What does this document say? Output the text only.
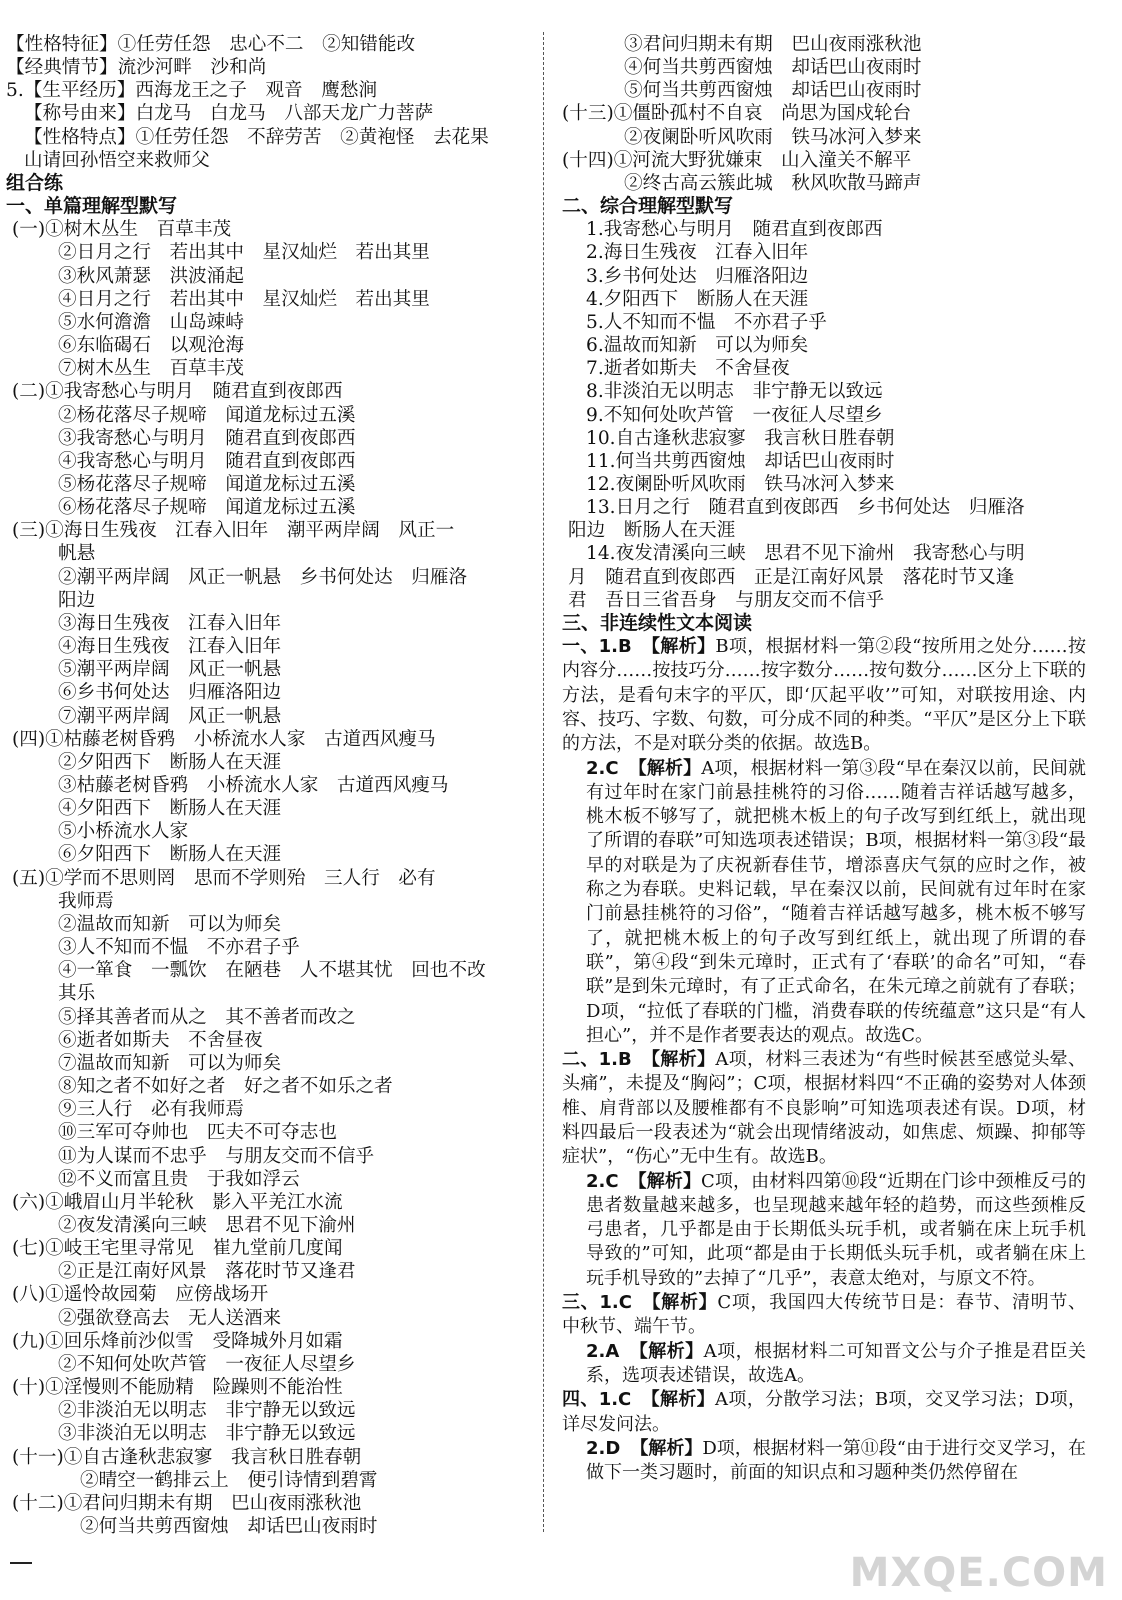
【性格特征】①任劳任怨　忠心不二　②知错能改
【经典情节】流沙河畔　沙和尚
5.【生平经历】西海龙王之子　观音　鹰愁涧
【称号由来】白龙马　白龙马　八部天龙广力菩萨
【性格特点】①任劳任怨　不辞劳苦　②黄袍怪　去花果
山请回孙悟空来救师父
组合练
一、单篇理解型默写
(一)①树木丛生　百草丰茂
②日月之行　若出其中　星汉灿烂　若出其里
③秋风萧瑟　洪波涌起
④日月之行　若出其中　星汉灿烂　若出其里
⑤水何澹澹　山岛竦峙
⑥东临碣石　以观沧海
⑦树木丛生　百草丰茂
(二)①我寄愁心与明月　随君直到夜郎西
②杨花落尽子规啼　闻道龙标过五溪
③我寄愁心与明月　随君直到夜郎西
④我寄愁心与明月　随君直到夜郎西
⑤杨花落尽子规啼　闻道龙标过五溪
⑥杨花落尽子规啼　闻道龙标过五溪
(三)①海日生残夜　江春入旧年　潮平两岸阔　风正一
帆悬
②潮平两岸阔　风正一帆悬　乡书何处达　归雁洛
阳边
③海日生残夜　江春入旧年
④海日生残夜　江春入旧年
⑤潮平两岸阔　风正一帆悬
⑥乡书何处达　归雁洛阳边
⑦潮平两岸阔　风正一帆悬
(四)①枯藤老树昏鸦　小桥流水人家　古道西风瘦马
②夕阳西下　断肠人在天涯
③枯藤老树昏鸦　小桥流水人家　古道西风瘦马
④夕阳西下　断肠人在天涯
⑤小桥流水人家
⑥夕阳西下　断肠人在天涯
(五)①学而不思则罔　思而不学则殆　三人行　必有
我师焉
②温故而知新　可以为师矣
③人不知而不愠　不亦君子乎
④一箪食　一瓢饮　在陋巷　人不堪其忧　回也不改
其乐
⑤择其善者而从之　其不善者而改之
⑥逝者如斯夫　不舍昼夜
⑦温故而知新　可以为师矣
⑧知之者不如好之者　好之者不如乐之者
⑨三人行　必有我师焉
⑩三军可夺帅也　匹夫不可夺志也
⑪为人谋而不忠乎　与朋友交而不信乎
⑫不义而富且贵　于我如浮云
(六)①峨眉山月半轮秋　影入平羌江水流
②夜发清溪向三峡　思君不见下渝州
(七)①岐王宅里寻常见　崔九堂前几度闻
②正是江南好风景　落花时节又逢君
(八)①遥怜故园菊　应傍战场开
②强欲登高去　无人送酒来
(九)①回乐烽前沙似雪　受降城外月如霜
②不知何处吹芦管　一夜征人尽望乡
(十)①淫慢则不能励精　险躁则不能治性
②非淡泊无以明志　非宁静无以致远
③非淡泊无以明志　非宁静无以致远
(十一)①自古逢秋悲寂寥　我言秋日胜春朝
②晴空一鹤排云上　便引诗情到碧霄
(十二)①君问归期未有期　巴山夜雨涨秋池
②何当共剪西窗烛　却话巴山夜雨时
③君问归期未有期　巴山夜雨涨秋池
④何当共剪西窗烛　却话巴山夜雨时
⑤何当共剪西窗烛　却话巴山夜雨时
(十三)①僵卧孤村不自哀　尚思为国戍轮台
②夜阑卧听风吹雨　铁马冰河入梦来
(十四)①河流大野犹嫌束　山入潼关不解平
②终古高云簇此城　秋风吹散马蹄声
二、综合理解型默写
1.我寄愁心与明月　随君直到夜郎西
2.海日生残夜　江春入旧年
3.乡书何处达　归雁洛阳边
4.夕阳西下　断肠人在天涯
5.人不知而不愠　不亦君子乎
6.温故而知新　可以为师矣
7.逝者如斯夫　不舍昼夜
8.非淡泊无以明志　非宁静无以致远
9.不知何处吹芦管　一夜征人尽望乡
10.自古逢秋悲寂寥　我言秋日胜春朝
11.何当共剪西窗烛　却话巴山夜雨时
12.夜阑卧听风吹雨　铁马冰河入梦来
13.日月之行　随君直到夜郎西　乡书何处达　归雁洛
阳边　断肠人在天涯
14.夜发清溪向三峡　思君不见下渝州　我寄愁心与明
月　随君直到夜郎西　正是江南好风景　落花时节又逢
君　吾日三省吾身　与朋友交而不信乎
三、非连续性文本阅读

一、1.B 【解析】B项，根据材料一第②段“按所用之处分……按内容分……按技巧分……按字数分……按句数分……区分上下联的方法，是看句末字的平仄，即‘仄起平收’”可知，对联按用途、内容、技巧、字数、句数，可分成不同的种类。“平仄”是区分上下联的方法，不是对联分类的依据。故选B。

2.C 【解析】A项，根据材料一第③段“早在秦汉以前，民间就有过年时在家门前悬挂桃符的习俗……随着吉祥话越写越多，桃木板不够写了，就把桃木板上的句子改写到红纸上，就出现了所谓的春联”可知选项表述错误；B项，根据材料一第③段“最早的对联是为了庆祝新春佳节，增添喜庆气氛的应时之作，被称之为春联。史料记载，早在秦汉以前，民间就有过年时在家门前悬挂桃符的习俗”，“随着吉祥话越写越多，桃木板不够写了，就把桃木板上的句子改写到红纸上，就出现了所谓的春联”，第④段“到朱元璋时，正式有了‘春联’的命名”可知，“春联”是到朱元璋时，有了正式命名，在朱元璋之前就有了春联；D项，“拉低了春联的门槛，消费春联的传统蕴意”这只是“有人担心”，并不是作者要表达的观点。故选C。

二、1.B 【解析】A项，材料三表述为“有些时候甚至感觉头晕、头痛”，未提及“胸闷”；C项，根据材料四“不正确的姿势对人体颈椎、肩背部以及腰椎都有不良影响”可知选项表述有误。D项，材料四最后一段表述为“就会出现情绪波动，如焦虑、烦躁、抑郁等症状”，“伤心”无中生有。故选B。

2.C 【解析】C项，由材料四第⑩段“近期在门诊中颈椎反弓的患者数量越来越多，也呈现越来越年轻的趋势，而这些颈椎反弓患者，几乎都是由于长期低头玩手机，或者躺在床上玩手机导致的”可知，此项“都是由于长期低头玩手机，或者躺在床上玩手机导致的”去掉了“几乎”，表意太绝对，与原文不符。

三、1.C 【解析】C项，我国四大传统节日是：春节、清明节、中秋节、端午节。

2.A 【解析】A项，根据材料二可知晋文公与介子推是君臣关系，选项表述错误，故选A。

四、1.C 【解析】A项，分散学习法；B项，交叉学习法；D项，详尽发问法。

2.D 【解析】D项，根据材料一第⑪段“由于进行交叉学习，在做下一类习题时，前面的知识点和习题种类仍然停留在

MXQE.COM
